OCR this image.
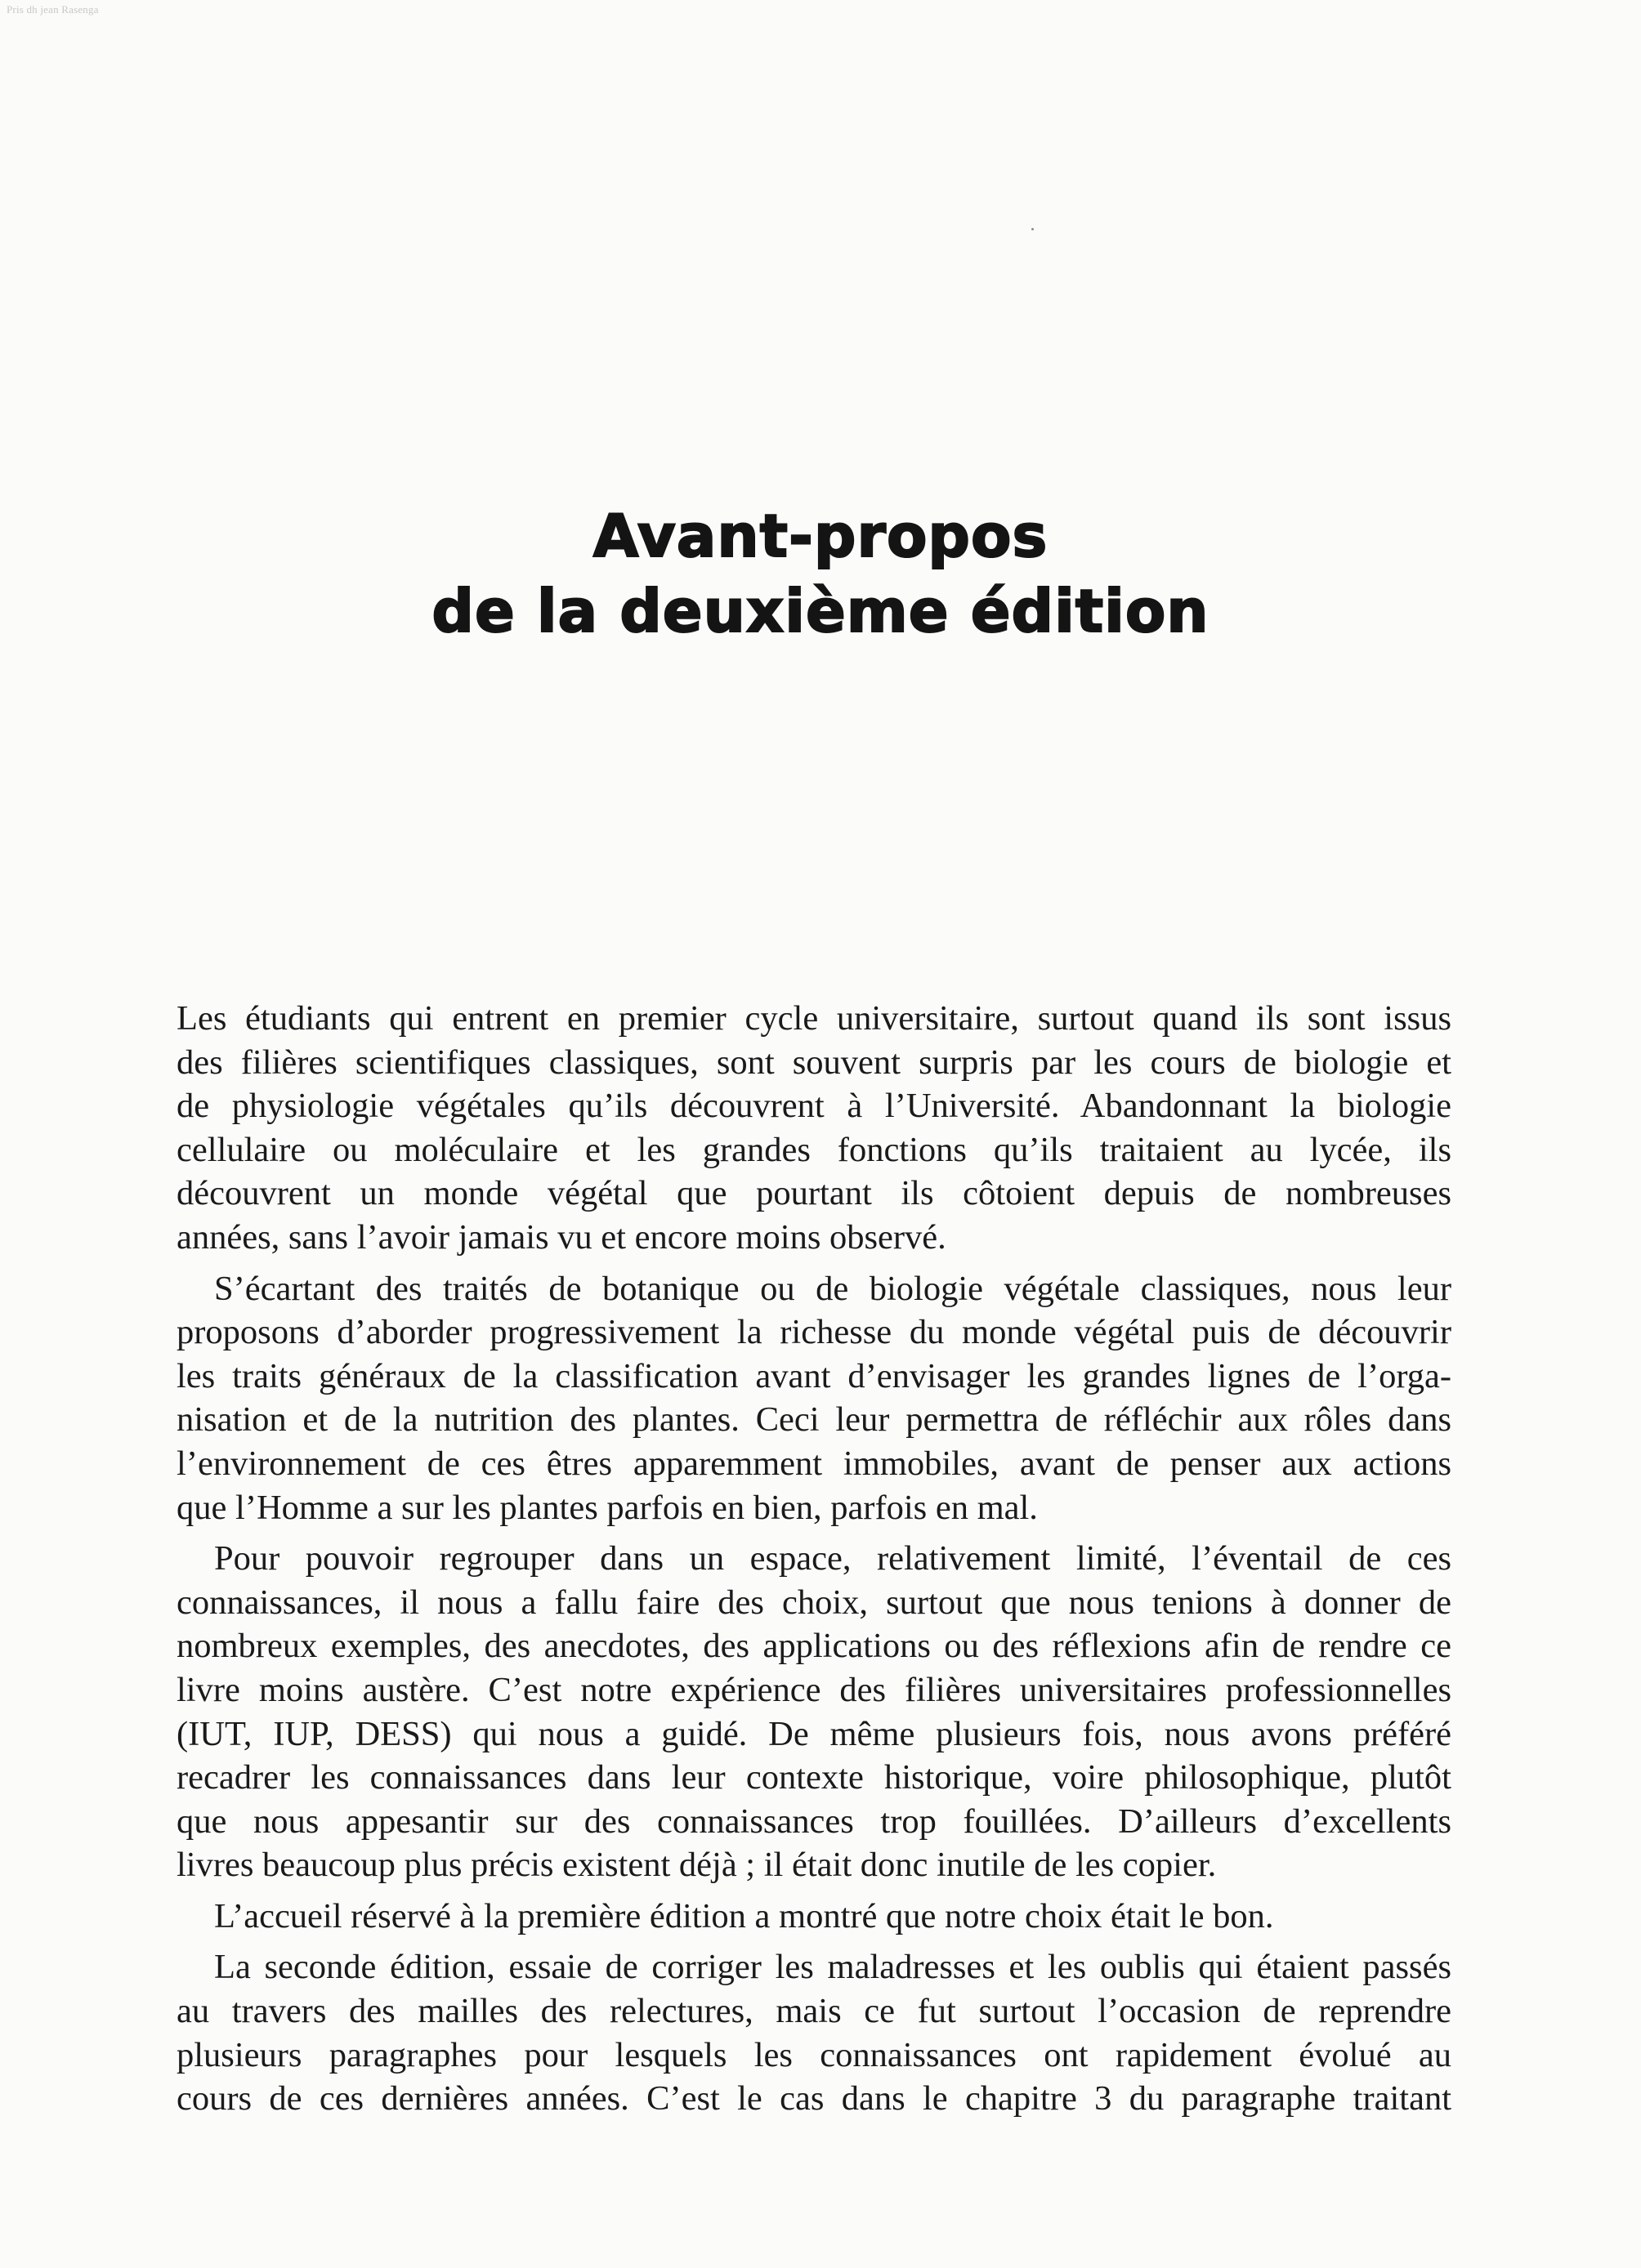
Pris dh jean Rasenga
Avant-propos
de la deuxième édition

Les étudiants qui entrent en premier cycle universitaire, surtout quand ils sont issus
des filières scientifiques classiques, sont souvent surpris par les cours de biologie et
de physiologie végétales qu’ils découvrent à l’Université. Abandonnant la biologie
cellulaire ou moléculaire et les grandes fonctions qu’ils traitaient au lycée, ils
découvrent un monde végétal que pourtant ils côtoient depuis de nombreuses
années, sans l’avoir jamais vu et encore moins observé.

S’écartant des traités de botanique ou de biologie végétale classiques, nous leur
proposons d’aborder progressivement la richesse du monde végétal puis de découvrir
les traits généraux de la classification avant d’envisager les grandes lignes de l’orga-
nisation et de la nutrition des plantes. Ceci leur permettra de réfléchir aux rôles dans
l’environnement de ces êtres apparemment immobiles, avant de penser aux actions
que l’Homme a sur les plantes parfois en bien, parfois en mal.

Pour pouvoir regrouper dans un espace, relativement limité, l’éventail de ces
connaissances, il nous a fallu faire des choix, surtout que nous tenions à donner de
nombreux exemples, des anecdotes, des applications ou des réflexions afin de rendre ce
livre moins austère. C’est notre expérience des filières universitaires professionnelles
(IUT, IUP, DESS) qui nous a guidé. De même plusieurs fois, nous avons préféré
recadrer les connaissances dans leur contexte historique, voire philosophique, plutôt
que nous appesantir sur des connaissances trop fouillées. D’ailleurs d’excellents
livres beaucoup plus précis existent déjà ; il était donc inutile de les copier.

L’accueil réservé à la première édition a montré que notre choix était le bon.

La seconde édition, essaie de corriger les maladresses et les oublis qui étaient passés
au travers des mailles des relectures, mais ce fut surtout l’occasion de reprendre
plusieurs paragraphes pour lesquels les connaissances ont rapidement évolué au
cours de ces dernières années. C’est le cas dans le chapitre 3 du paragraphe traitant
